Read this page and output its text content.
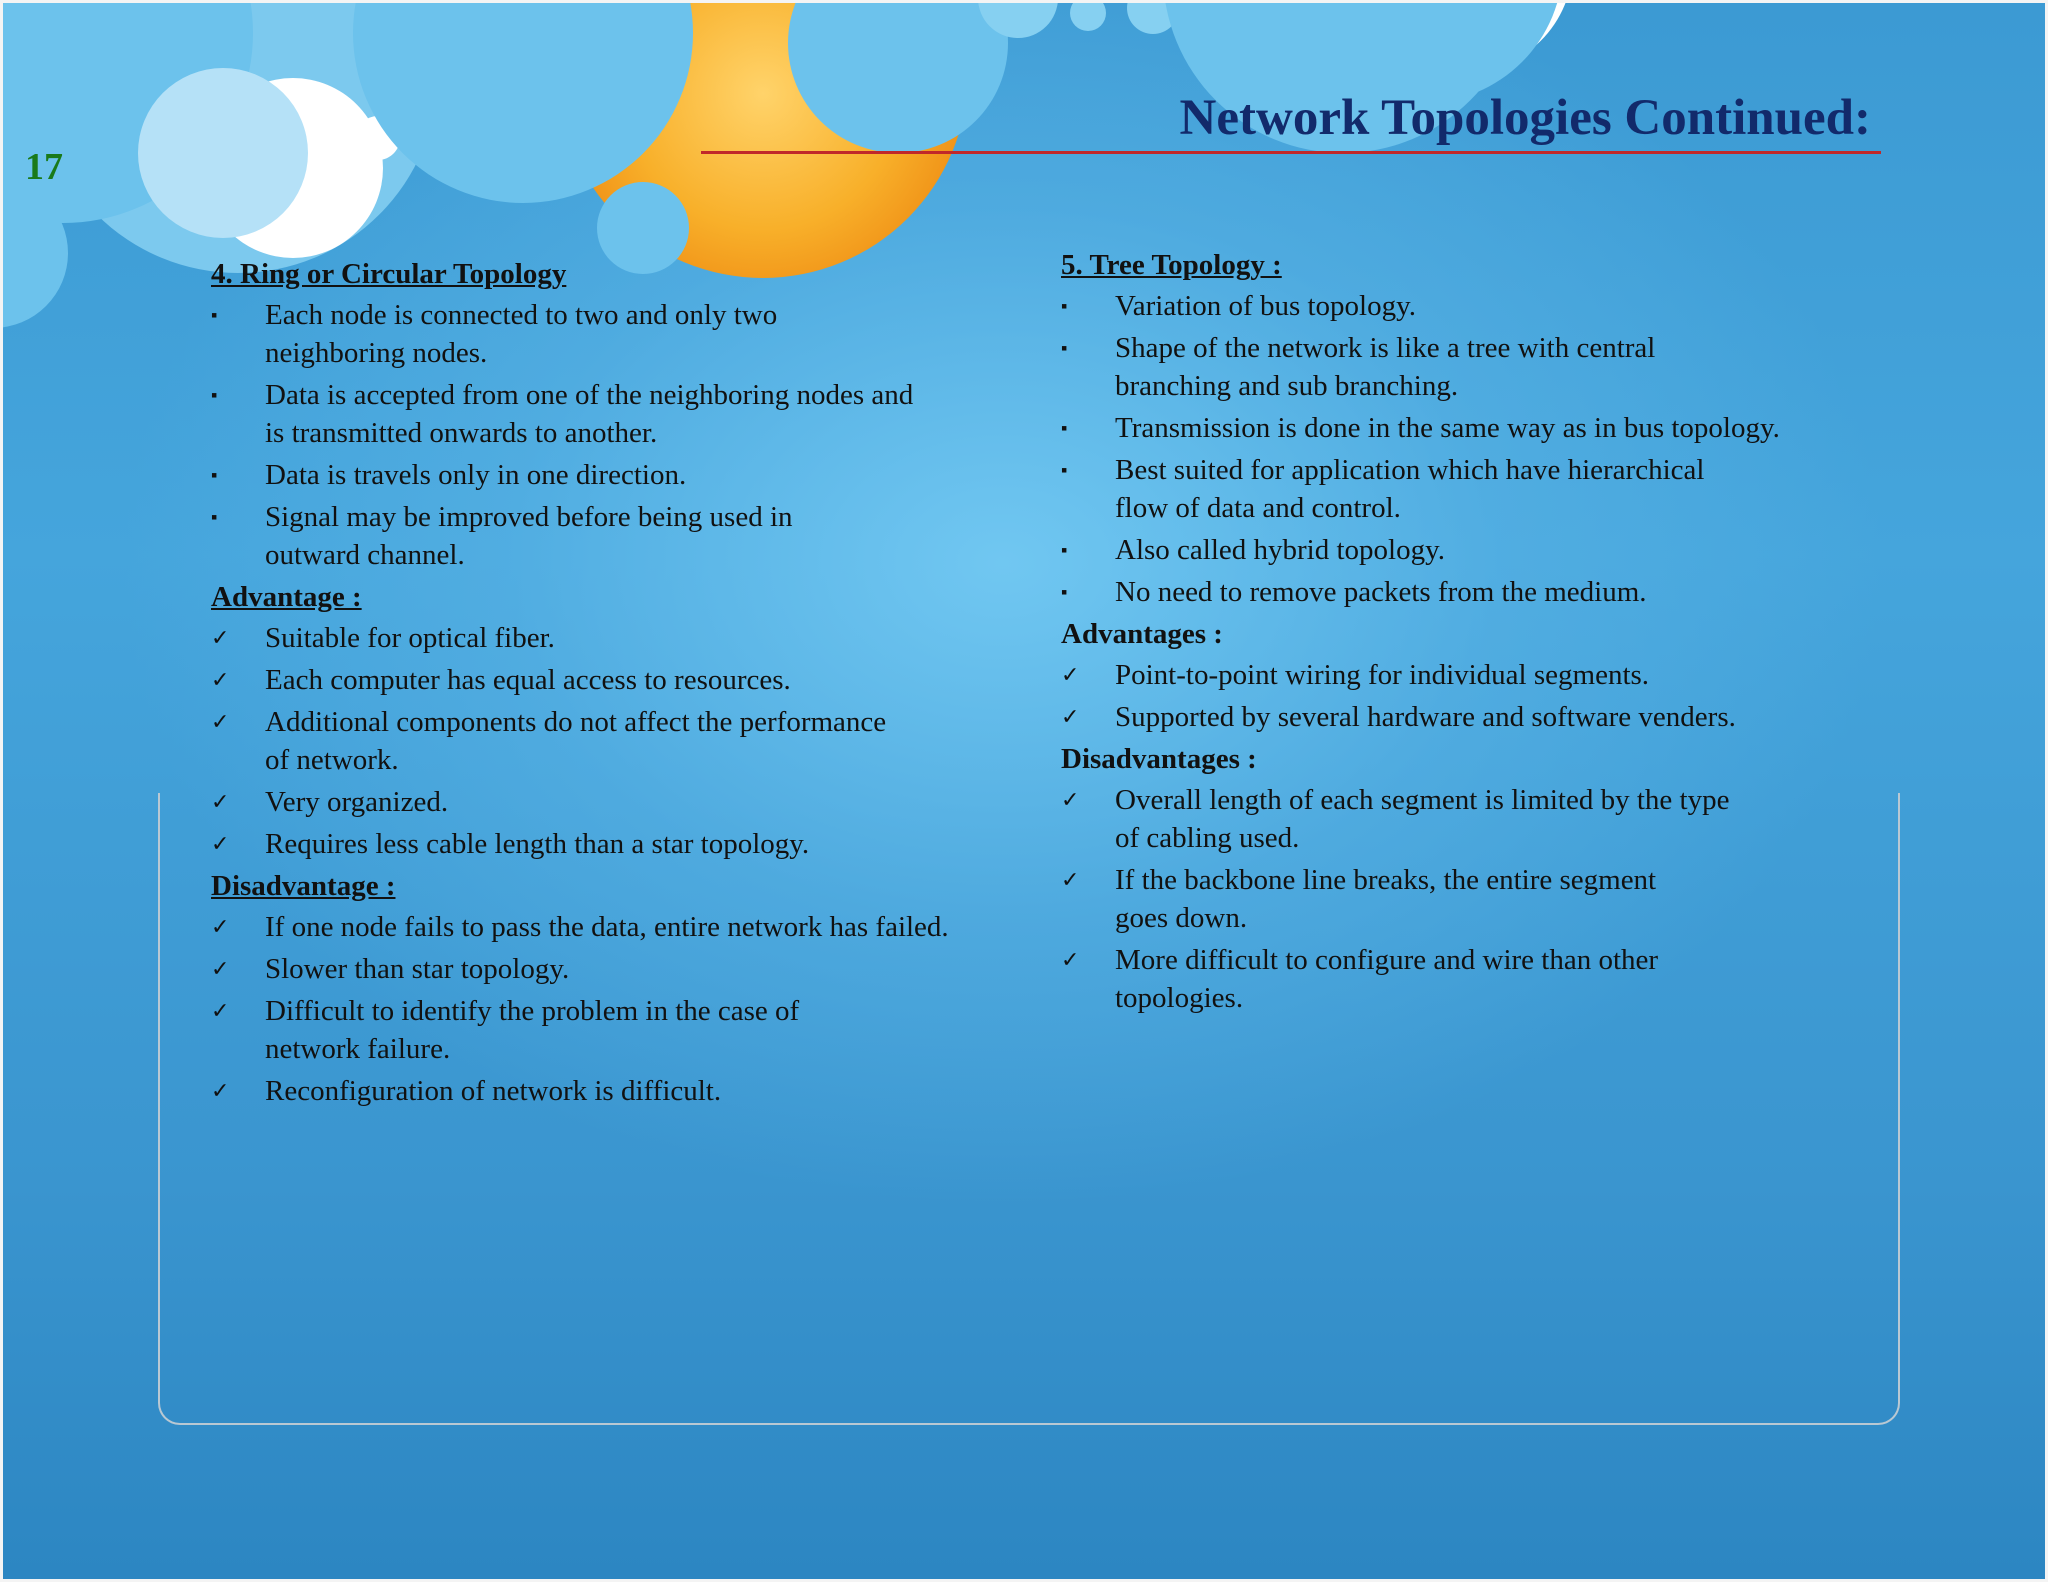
17
Network Topologies Continued:
4. Ring or Circular Topology
▪	Each node is connected to two and only two
neighboring nodes.
▪	Data is accepted from one of the neighboring nodes and
is transmitted onwards to another.
▪	Data is travels only in one direction.
▪	Signal may be improved before being used in
outward channel.
Advantage :
✓	Suitable for optical fiber.
✓	Each computer has equal access to resources.
✓	Additional components do not affect the performance
of network.
✓	Very organized.
✓	Requires less cable length than a star topology.
Disadvantage :
✓	If one node fails to pass the data, entire network has failed.
✓	Slower than star topology.
✓	Difficult to identify the problem in the case of
network failure.
✓	Reconfiguration of network is difficult.
5. Tree Topology :
▪	Variation of bus topology.
▪	Shape of the network is like a tree with central
branching and sub branching.
▪	Transmission is done in the same way as in bus topology.
▪	Best suited for application which have hierarchical
flow of data and control.
▪	Also called hybrid topology.
▪	No need to remove packets from the medium.
Advantages :
✓	Point-to-point wiring for individual segments.
✓	Supported by several hardware and software venders.
Disadvantages :
✓	Overall length of each segment is limited by the type
of cabling used.
✓	If the backbone line breaks, the entire segment
goes down.
✓	More difficult to configure and wire than other
topologies.
